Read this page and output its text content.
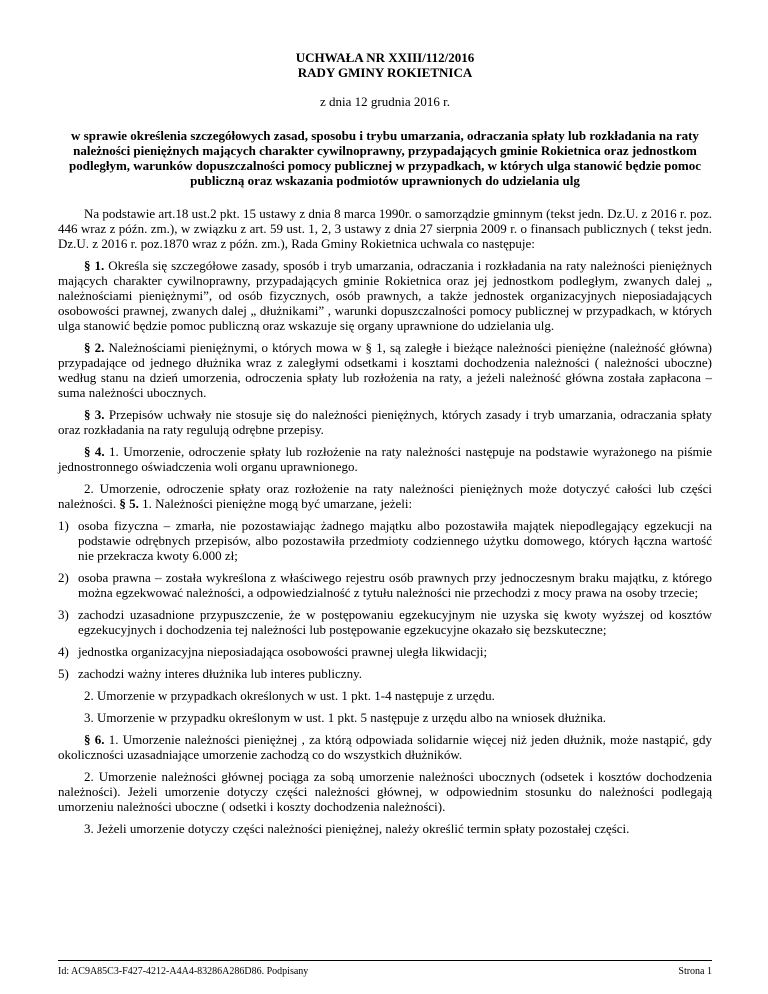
UCHWAŁA NR XXIII/112/2016
RADY GMINY ROKIETNICA
z dnia 12 grudnia 2016 r.
w sprawie określenia szczegółowych zasad, sposobu i trybu umarzania, odraczania spłaty lub rozkładania na raty należności pieniężnych mających charakter cywilnoprawny, przypadających gminie Rokietnica oraz jednostkom podległym, warunków dopuszczalności pomocy publicznej w przypadkach, w których ulga stanowić będzie pomoc publiczną oraz wskazania podmiotów uprawnionych do udzielania ulg
Na podstawie art.18 ust.2 pkt. 15 ustawy z dnia 8 marca 1990r. o samorządzie gminnym (tekst jedn. Dz.U. z 2016 r. poz. 446 wraz z późn. zm.), w związku z art. 59 ust. 1, 2, 3 ustawy z dnia 27 sierpnia 2009 r. o finansach publicznych ( tekst jedn. Dz.U. z 2016 r. poz.1870 wraz z późn. zm.), Rada Gminy Rokietnica uchwala co następuje:
§ 1. Określa się szczegółowe zasady, sposób i tryb umarzania, odraczania i rozkładania na raty należności pieniężnych mających charakter cywilnoprawny, przypadających gminie Rokietnica oraz jej jednostkom podległym, zwanych dalej „ należnościami pieniężnymi”, od osób fizycznych, osób prawnych, a także jednostek organizacyjnych nieposiadających osobowości prawnej, zwanych dalej „ dłużnikami” , warunki dopuszczalności pomocy publicznej w przypadkach, w których ulga stanowić będzie pomoc publiczną oraz wskazuje się organy uprawnione do udzielania ulg.
§ 2. Należnościami pieniężnymi, o których mowa w § 1, są zaległe i bieżące należności pieniężne (należność główna) przypadające od jednego dłużnika wraz z zaległymi odsetkami i kosztami dochodzenia należności ( należności uboczne) według stanu na dzień umorzenia, odroczenia spłaty lub rozłożenia na raty, a jeżeli należność główna została zapłacona – suma należności ubocznych.
§ 3. Przepisów uchwały nie stosuje się do należności pieniężnych, których zasady i tryb umarzania, odraczania spłaty oraz rozkładania na raty regulują odrębne przepisy.
§ 4. 1. Umorzenie, odroczenie spłaty lub rozłożenie na raty należności następuje na podstawie wyrażonego na piśmie jednostronnego oświadczenia woli organu uprawnionego.
2. Umorzenie, odroczenie spłaty oraz rozłożenie na raty należności pieniężnych może dotyczyć całości lub części należności. § 5. 1. Należności pieniężne mogą być umarzane, jeżeli:
1) osoba fizyczna – zmarła, nie pozostawiając żadnego majątku albo pozostawiła majątek niepodlegający egzekucji na podstawie odrębnych przepisów, albo pozostawiła przedmioty codziennego użytku domowego, których łączna wartość nie przekracza kwoty 6.000 zł;
2) osoba prawna – została wykreślona z właściwego rejestru osób prawnych przy jednoczesnym braku majątku, z którego można egzekwować należności, a odpowiedzialność z tytułu należności nie przechodzi z mocy prawa na osoby trzecie;
3) zachodzi uzasadnione przypuszczenie, że w postępowaniu egzekucyjnym nie uzyska się kwoty wyższej od kosztów egzekucyjnych i dochodzenia tej należności lub postępowanie egzekucyjne okazało się bezskuteczne;
4) jednostka organizacyjna nieposiadająca osobowości prawnej uległa likwidacji;
5) zachodzi ważny interes dłużnika lub interes publiczny.
2. Umorzenie w przypadkach określonych w ust. 1 pkt. 1-4 następuje z urzędu.
3. Umorzenie w przypadku określonym w ust. 1 pkt. 5 następuje z urzędu albo na wniosek dłużnika.
§ 6. 1. Umorzenie należności pieniężnej , za którą odpowiada solidarnie więcej niż jeden dłużnik, może nastąpić, gdy okoliczności uzasadniające umorzenie zachodzą co do wszystkich dłużników.
2. Umorzenie należności głównej pociąga za sobą umorzenie należności ubocznych (odsetek i kosztów dochodzenia należności). Jeżeli umorzenie dotyczy części należności głównej, w odpowiednim stosunku do należności podlegają umorzeniu należności uboczne ( odsetki i koszty dochodzenia należności).
3. Jeżeli umorzenie dotyczy części należności pieniężnej, należy określić termin spłaty pozostałej części.
Id: AC9A85C3-F427-4212-A4A4-83286A286D86. Podpisany	Strona 1
